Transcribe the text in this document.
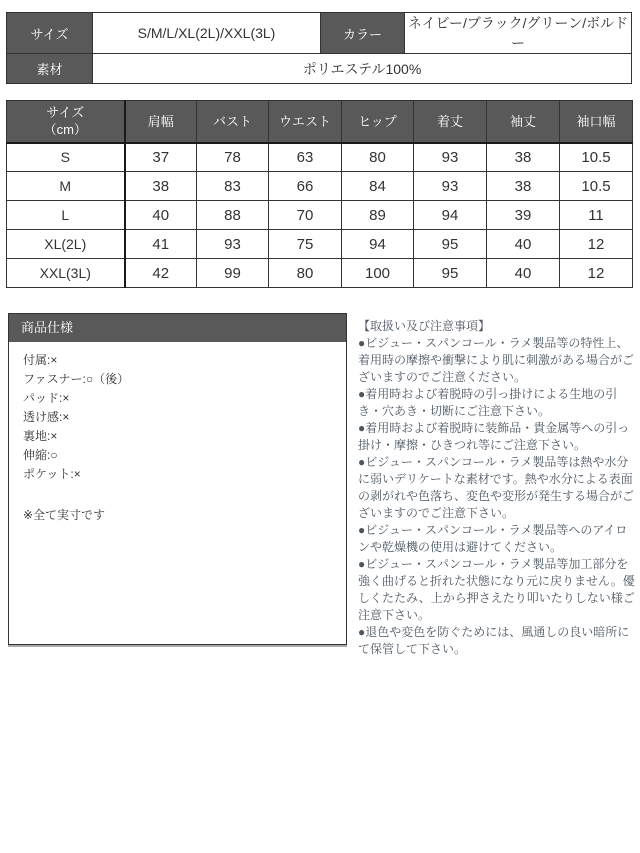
サイズ	S/M/L/XL(2L)/XXL(3L)	カラー	ネイビー/ブラック/グリーン/ボルドー
素材	ポリエステル100%		
サイズ
（cm）	肩幅	バスト	ウエスト	ヒップ	着丈	袖丈	袖口幅
S	37	78	63	80	93	38	10.5
M	38	83	66	84	93	38	10.5
L	40	88	70	89	94	39	11
XL(2L)	41	93	75	94	95	40	12
XXL(3L)	42	99	80	100	95	40	12
商品仕様
付属:×
ファスナー:○（後）
パッド:×
透け感:×
裏地:×
伸縮:○
ポケット:×
※全て実寸です
【取扱い及び注意事項】

●ビジュー・スパンコール・ラメ製品等の特性上、着用時の摩擦や衝撃により肌に刺激がある場合がございますのでご注意ください。

●着用時および着脱時の引っ掛けによる生地の引き・穴あき・切断にご注意下さい。

●着用時および着脱時に装飾品・貴金属等への引っ掛け・摩擦・ひきつれ等にご注意下さい。

●ビジュー・スパンコール・ラメ製品等は熱や水分に弱いデリケートな素材です。熱や水分による表面の剥がれや色落ち、変色や変形が発生する場合がございますのでご注意下さい。

●ビジュー・スパンコール・ラメ製品等へのアイロンや乾燥機の使用は避けてください。

●ビジュー・スパンコール・ラメ製品等加工部分を強く曲げると折れた状態になり元に戻りません。優しくたたみ、上から押さえたり叩いたりしない様ご注意下さい。

●退色や変色を防ぐためには、風通しの良い暗所にて保管して下さい。
